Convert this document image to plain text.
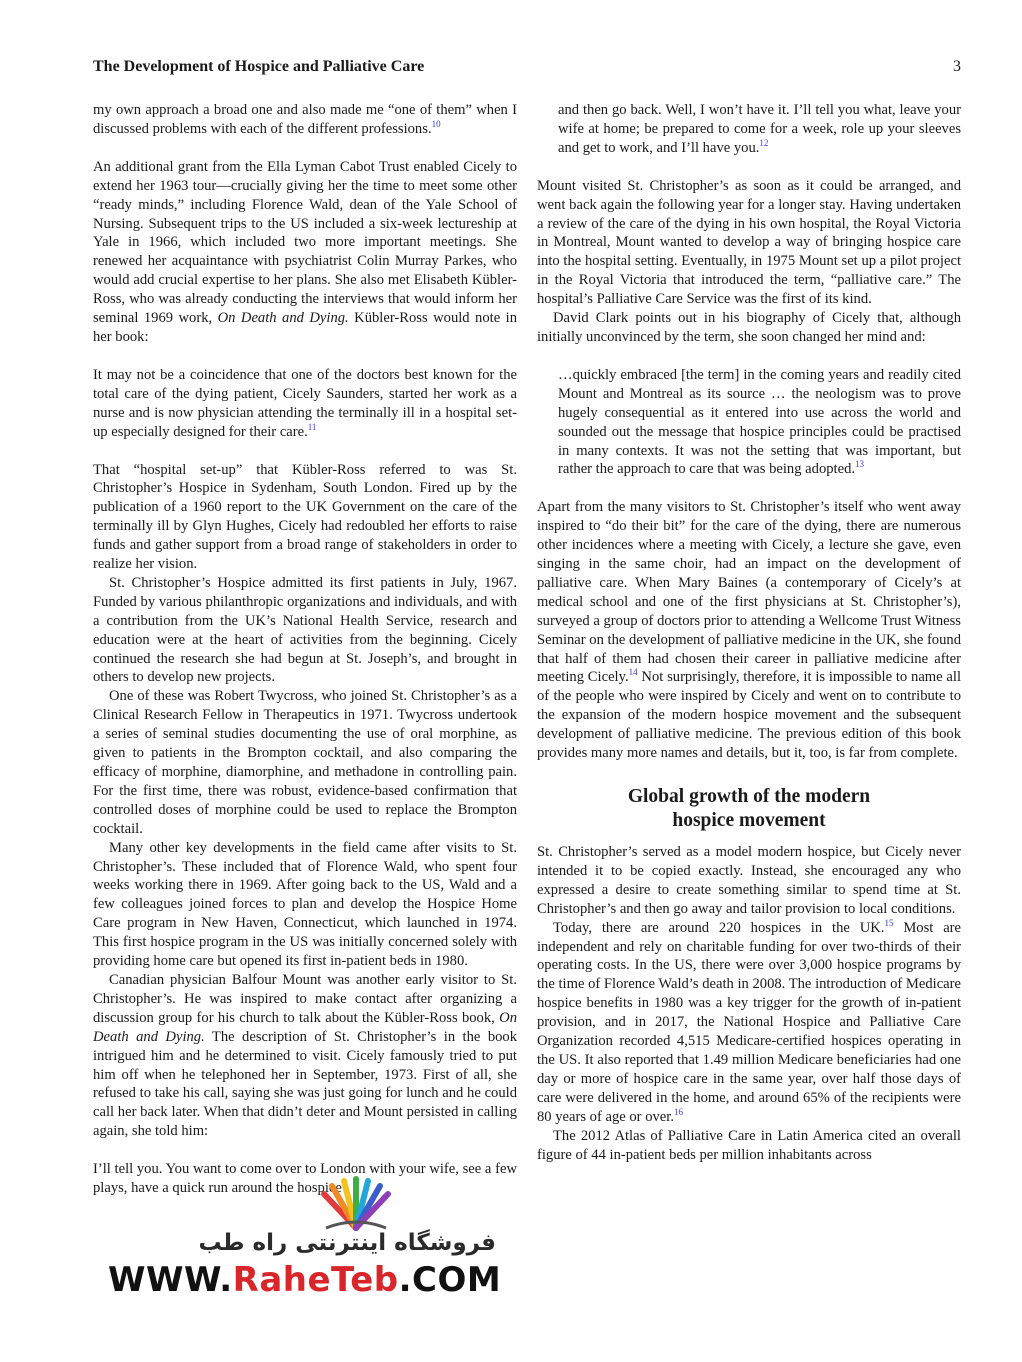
The Development of Hospice and Palliative Care	3

my own approach a broad one and also made me “one of them” when I discussed problems with each of the different professions.$^{10}$

An additional grant from the Ella Lyman Cabot Trust enabled Cicely to extend her 1963 tour—crucially giving her the time to meet some other “ready minds,” including Florence Wald, dean of the Yale School of Nursing. Subsequent trips to the US included a six-week lectureship at Yale in 1966, which included two more important meetings. She renewed her acquaintance with psychiatrist Colin Murray Parkes, who would add crucial expertise to her plans. She also met Elisabeth Kübler-Ross, who was already conducting the interviews that would inform her seminal 1969 work, On Death and Dying. Kübler-Ross would note in her book:

It may not be a coincidence that one of the doctors best known for the total care of the dying patient, Cicely Saunders, started her work as a nurse and is now physician attending the terminally ill in a hospital set-up especially designed for their care.$^{11}$

That “hospital set-up” that Kübler-Ross referred to was St. Christopher’s Hospice in Sydenham, South London. Fired up by the publication of a 1960 report to the UK Government on the care of the terminally ill by Glyn Hughes, Cicely had redoubled her efforts to raise funds and gather support from a broad range of stakeholders in order to realize her vision.

St. Christopher’s Hospice admitted its first patients in July, 1967. Funded by various philanthropic organizations and individuals, and with a contribution from the UK’s National Health Service, research and education were at the heart of activities from the beginning. Cicely continued the research she had begun at St. Joseph’s, and brought in others to develop new projects.

One of these was Robert Twycross, who joined St. Christopher’s as a Clinical Research Fellow in Therapeutics in 1971. Twycross undertook a series of seminal studies documenting the use of oral morphine, as given to patients in the Brompton cocktail, and also comparing the efficacy of morphine, diamorphine, and methadone in controlling pain. For the first time, there was robust, evidence-based confirmation that controlled doses of morphine could be used to replace the Brompton cocktail.

Many other key developments in the field came after visits to St. Christopher’s. These included that of Florence Wald, who spent four weeks working there in 1969. After going back to the US, Wald and a few colleagues joined forces to plan and develop the Hospice Home Care program in New Haven, Connecticut, which launched in 1974. This first hospice program in the US was initially concerned solely with providing home care but opened its first in-patient beds in 1980.

Canadian physician Balfour Mount was another early visitor to St. Christopher’s. He was inspired to make contact after organizing a discussion group for his church to talk about the Kübler-Ross book, On Death and Dying. The description of St. Christopher’s in the book intrigued him and he determined to visit. Cicely famously tried to put him off when he telephoned her in September, 1973. First of all, she refused to take his call, saying she was just going for lunch and he could call her back later. When that didn’t deter and Mount persisted in calling again, she told him:

I’ll tell you. You want to come over to London with your wife, see a few plays, have a quick run around the hospice

and then go back. Well, I won’t have it. I’ll tell you what, leave your wife at home; be prepared to come for a week, role up your sleeves and get to work, and I’ll have you.$^{12}$

Mount visited St. Christopher’s as soon as it could be arranged, and went back again the following year for a longer stay. Having undertaken a review of the care of the dying in his own hospital, the Royal Victoria in Montreal, Mount wanted to develop a way of bringing hospice care into the hospital setting. Eventually, in 1975 Mount set up a pilot project in the Royal Victoria that introduced the term, “palliative care.” The hospital’s Palliative Care Service was the first of its kind.

David Clark points out in his biography of Cicely that, although initially unconvinced by the term, she soon changed her mind and:

…quickly embraced [the term] in the coming years and readily cited Mount and Montreal as its source … the neologism was to prove hugely consequential as it entered into use across the world and sounded out the message that hospice principles could be practised in many contexts. It was not the setting that was important, but rather the approach to care that was being adopted.$^{13}$

Apart from the many visitors to St. Christopher’s itself who went away inspired to “do their bit” for the care of the dying, there are numerous other incidences where a meeting with Cicely, a lecture she gave, even singing in the same choir, had an impact on the development of palliative care. When Mary Baines (a contemporary of Cicely’s at medical school and one of the first physicians at St. Christopher’s), surveyed a group of doctors prior to attending a Wellcome Trust Witness Seminar on the development of palliative medicine in the UK, she found that half of them had chosen their career in palliative medicine after meeting Cicely.$^{14}$ Not surprisingly, therefore, it is impossible to name all of the people who were inspired by Cicely and went on to contribute to the expansion of the modern hospice movement and the subsequent development of palliative medicine. The previous edition of this book provides many more names and details, but it, too, is far from complete.

Global growth of the modern
hospice movement

St. Christopher’s served as a model modern hospice, but Cicely never intended it to be copied exactly. Instead, she encouraged any who expressed a desire to create something similar to spend time at St. Christopher’s and then go away and tailor provision to local conditions.

Today, there are around 220 hospices in the UK.$^{15}$ Most are independent and rely on charitable funding for over two-thirds of their operating costs. In the US, there were over 3,000 hospice programs by the time of Florence Wald’s death in 2008. The introduction of Medicare hospice benefits in 1980 was a key trigger for the growth of in-patient provision, and in 2017, the National Hospice and Palliative Care Organization recorded 4,515 Medicare-certified hospices operating in the US. It also reported that 1.49 million Medicare beneficiaries had one day or more of hospice care in the same year, over half those days of care were delivered in the home, and around 65% of the recipients were 80 years of age or over.$^{16}$

The 2012 Atlas of Palliative Care in Latin America cited an overall figure of 44 in-patient beds per million inhabitants across

فروشگاه اینترنتی راه طب
WWW.RaheTeb.COM
